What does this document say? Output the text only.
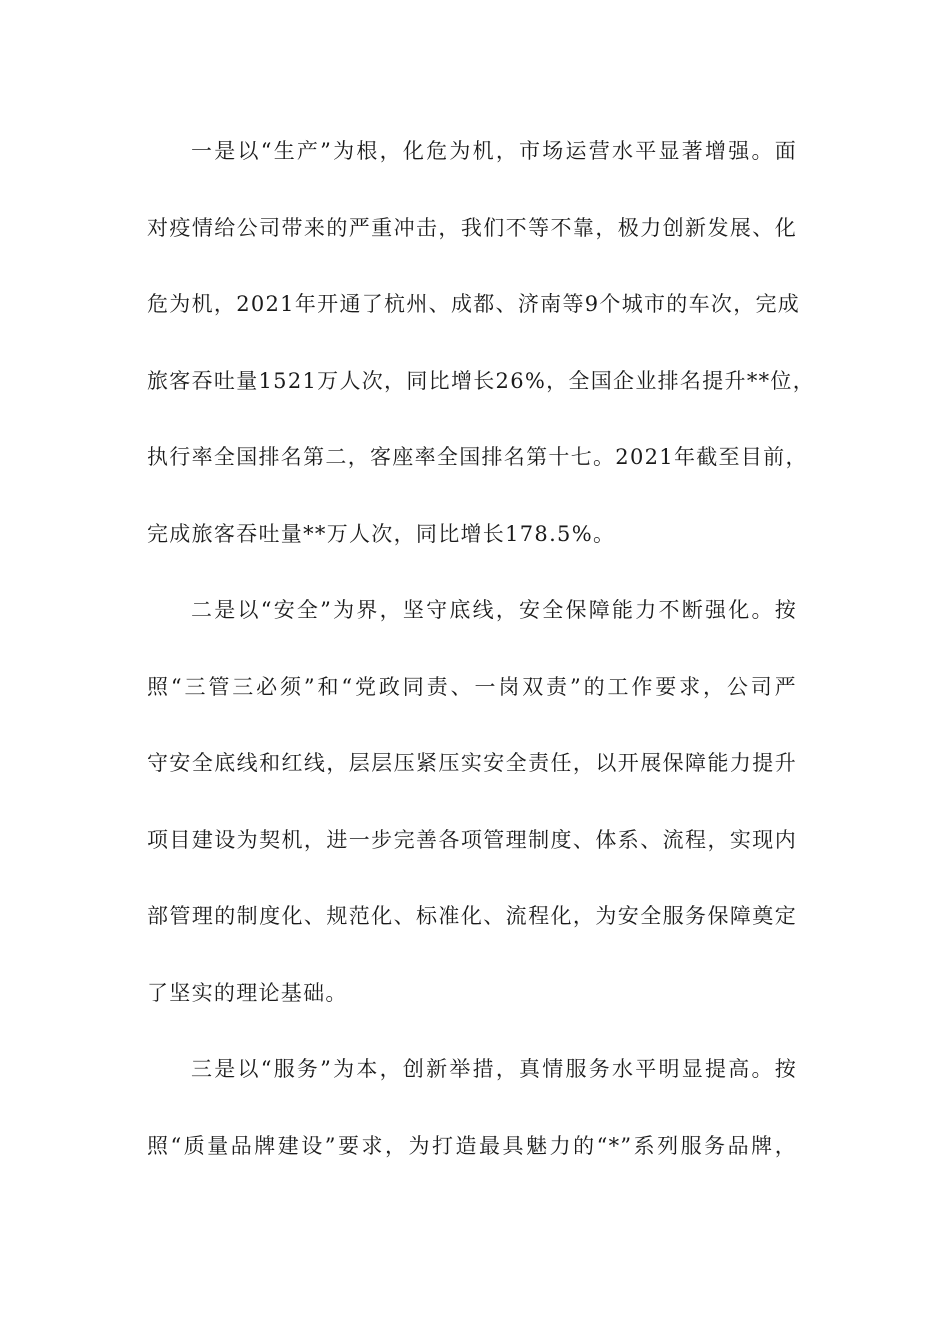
一是以“生产”为根，化危为机，市场运营水平显著增强。面
对疫情给公司带来的严重冲击，我们不等不靠，极力创新发展、化
危为机，2021年开通了杭州、成都、济南等9个城市的车次，完成
旅客吞吐量1521万人次，同比增长26%，全国企业排名提升**位，
执行率全国排名第二，客座率全国排名第十七。2021年截至目前，
完成旅客吞吐量**万人次，同比增长178.5%。
二是以“安全”为界，坚守底线，安全保障能力不断强化。按
照“三管三必须”和“党政同责、一岗双责”的工作要求，公司严
守安全底线和红线，层层压紧压实安全责任，以开展保障能力提升
项目建设为契机，进一步完善各项管理制度、体系、流程，实现内
部管理的制度化、规范化、标准化、流程化，为安全服务保障奠定
了坚实的理论基础。
三是以“服务”为本，创新举措，真情服务水平明显提高。按
照“质量品牌建设”要求，为打造最具魅力的“*”系列服务品牌，
